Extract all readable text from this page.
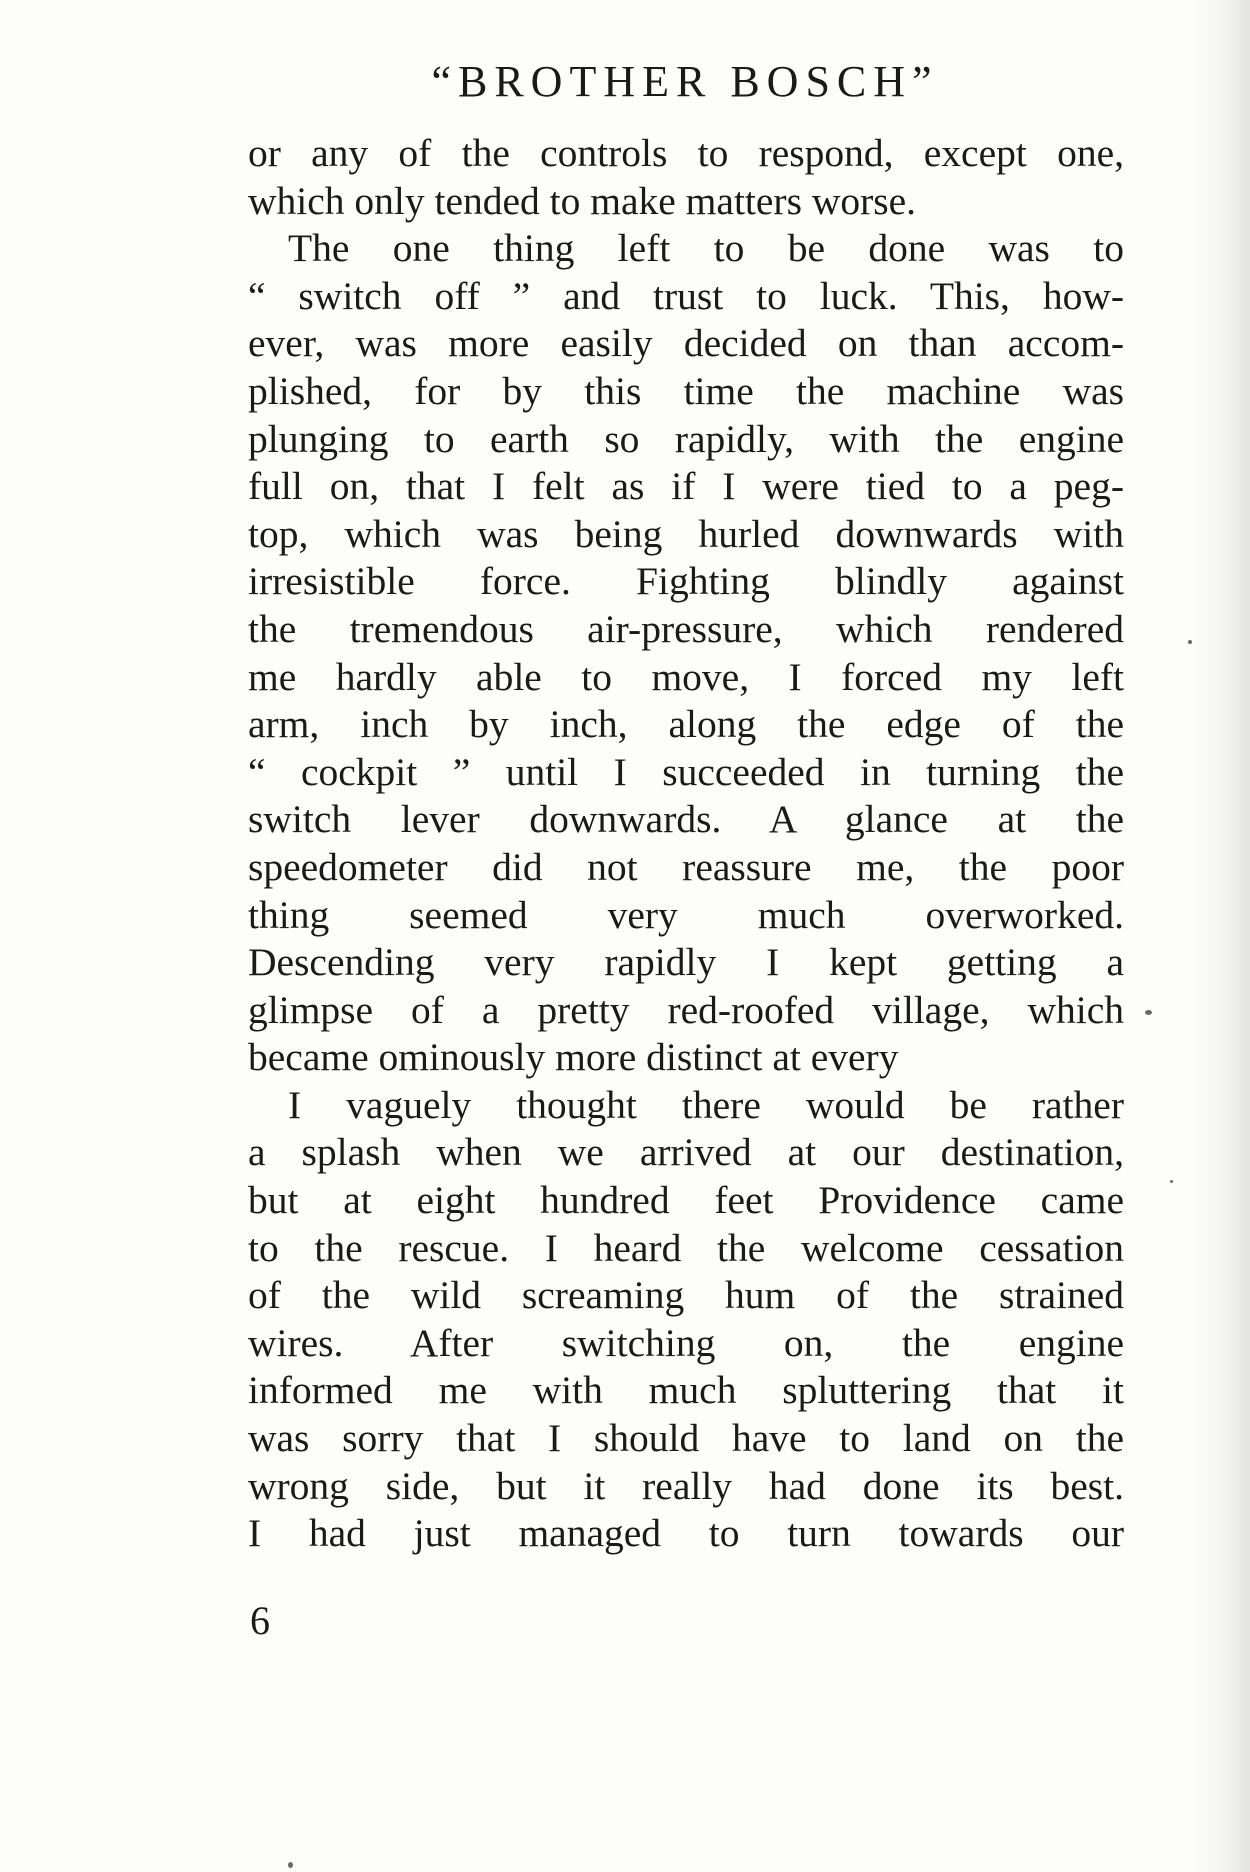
“BROTHER BOSCH”
or any of the controls to respond, except one,
which only tended to make matters worse.
The one thing left to be done was to
“ switch off ” and trust to luck. This, how-
ever, was more easily decided on than accom-
plished, for by this time the machine was
plunging to earth so rapidly, with the engine
full on, that I felt as if I were tied to a peg-
top, which was being hurled downwards with
irresistible force. Fighting blindly against
the tremendous air-pressure, which rendered
me hardly able to move, I forced my left
arm, inch by inch, along the edge of the
“ cockpit ” until I succeeded in turning the
switch lever downwards. A glance at the
speedometer did not reassure me, the poor
thing seemed very much overworked.
Descending very rapidly I kept getting a
glimpse of a pretty red-roofed village, which
became ominously more distinct at every
I vaguely thought there would be rather
a splash when we arrived at our destination,
but at eight hundred feet Providence came
to the rescue. I heard the welcome cessation
of the wild screaming hum of the strained
wires. After switching on, the engine
informed me with much spluttering that it
was sorry that I should have to land on the
wrong side, but it really had done its best.
I had just managed to turn towards our
6
